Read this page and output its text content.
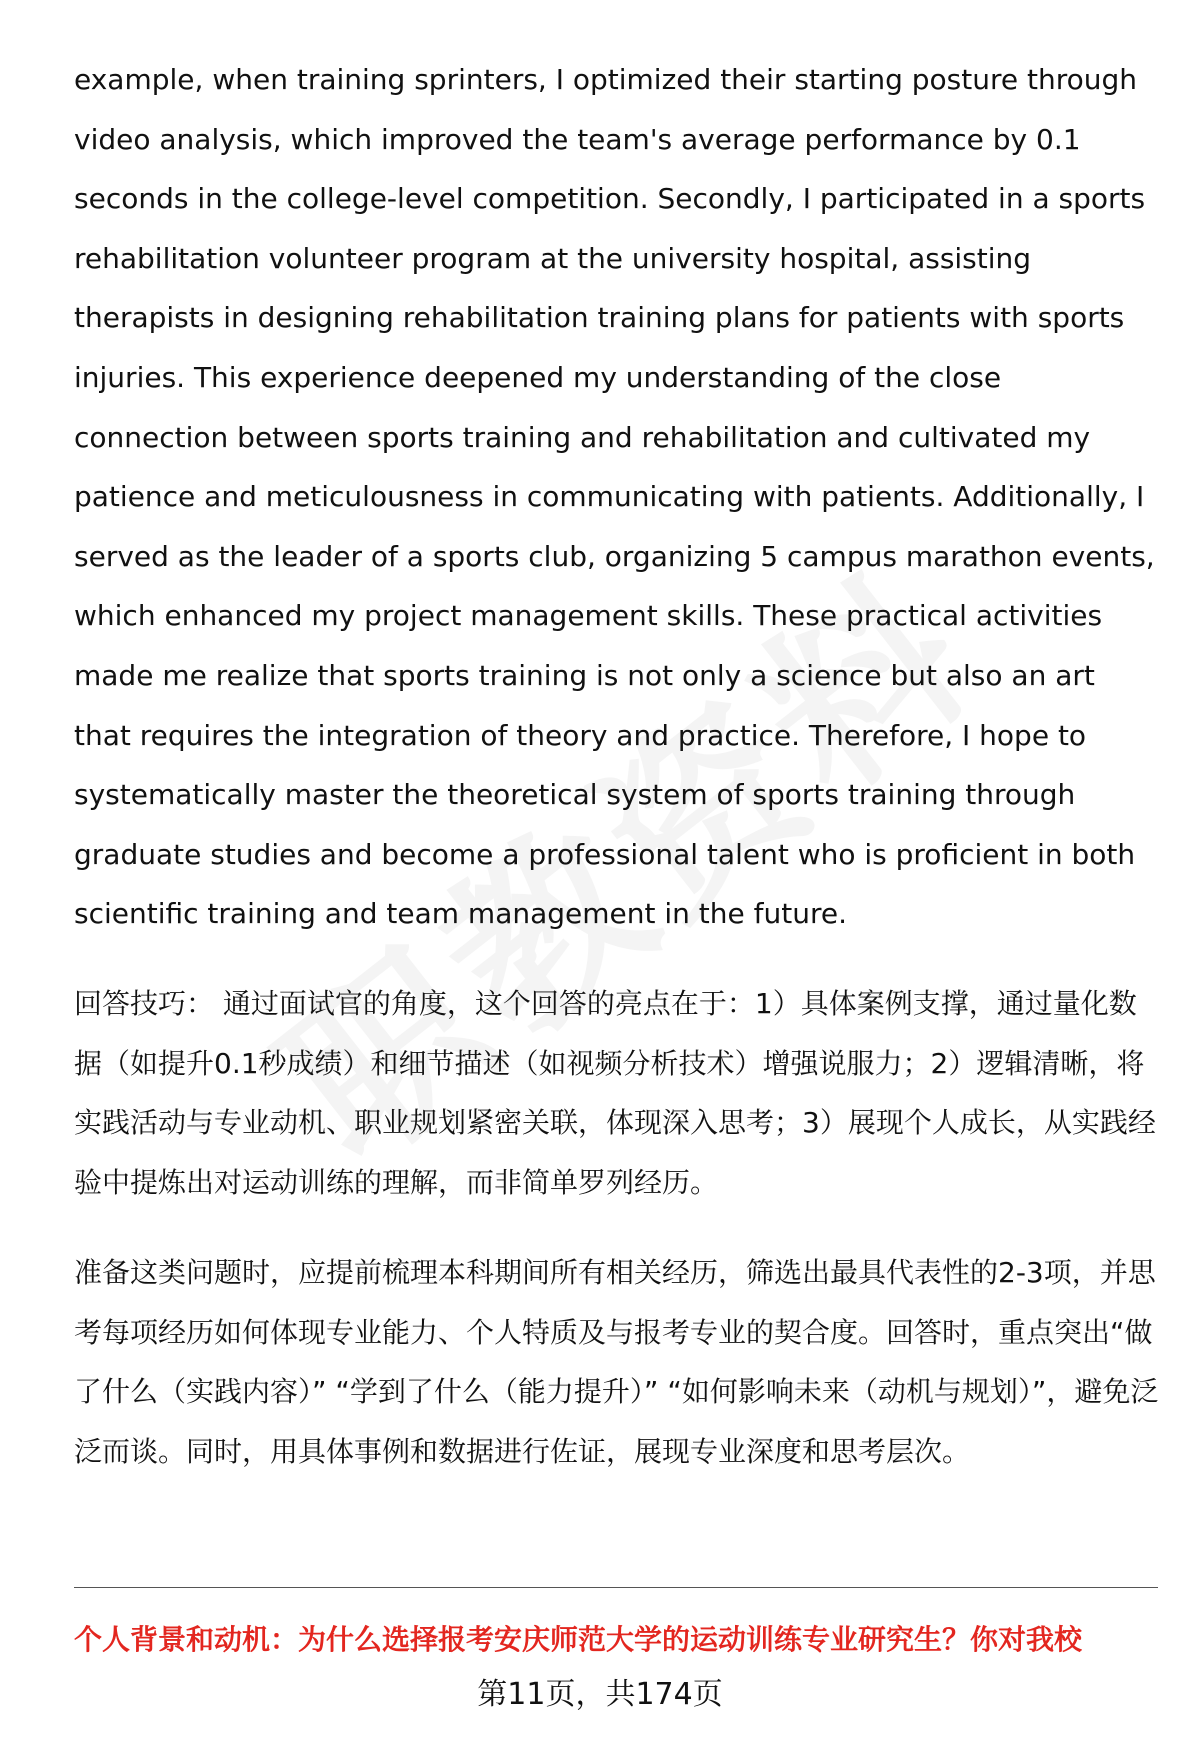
example, when training sprinters, I optimized their starting posture through video analysis, which improved the team's average performance by 0.1 seconds in the college-level competition. Secondly, I participated in a sports rehabilitation volunteer program at the university hospital, assisting therapists in designing rehabilitation training plans for patients with sports injuries. This experience deepened my understanding of the close connection between sports training and rehabilitation and cultivated my patience and meticulousness in communicating with patients. Additionally, I served as the leader of a sports club, organizing 5 campus marathon events, which enhanced my project management skills. These practical activities made me realize that sports training is not only a science but also an art that requires the integration of theory and practice. Therefore, I hope to systematically master the theoretical system of sports training through graduate studies and become a professional talent who is proficient in both scientific training and team management in the future.

回答技巧： 通过面试官的角度，这个回答的亮点在于：1）具体案例支撑，通过量化数据（如提升0.1秒成绩）和细节描述（如视频分析技术）增强说服力；2）逻辑清晰，将实践活动与专业动机、职业规划紧密关联，体现深入思考；3）展现个人成长，从实践经验中提炼出对运动训练的理解，而非简单罗列经历。

准备这类问题时，应提前梳理本科期间所有相关经历，筛选出最具代表性的2-3项，并思考每项经历如何体现专业能力、个人特质及与报考专业的契合度。回答时，重点突出“做了什么（实践内容）” “学到了什么（能力提升）” “如何影响未来（动机与规划）”，避免泛泛而谈。同时，用具体事例和数据进行佐证，展现专业深度和思考层次。

个人背景和动机：为什么选择报考安庆师范大学的运动训练专业研究生？你对我校

第11页，共174页
